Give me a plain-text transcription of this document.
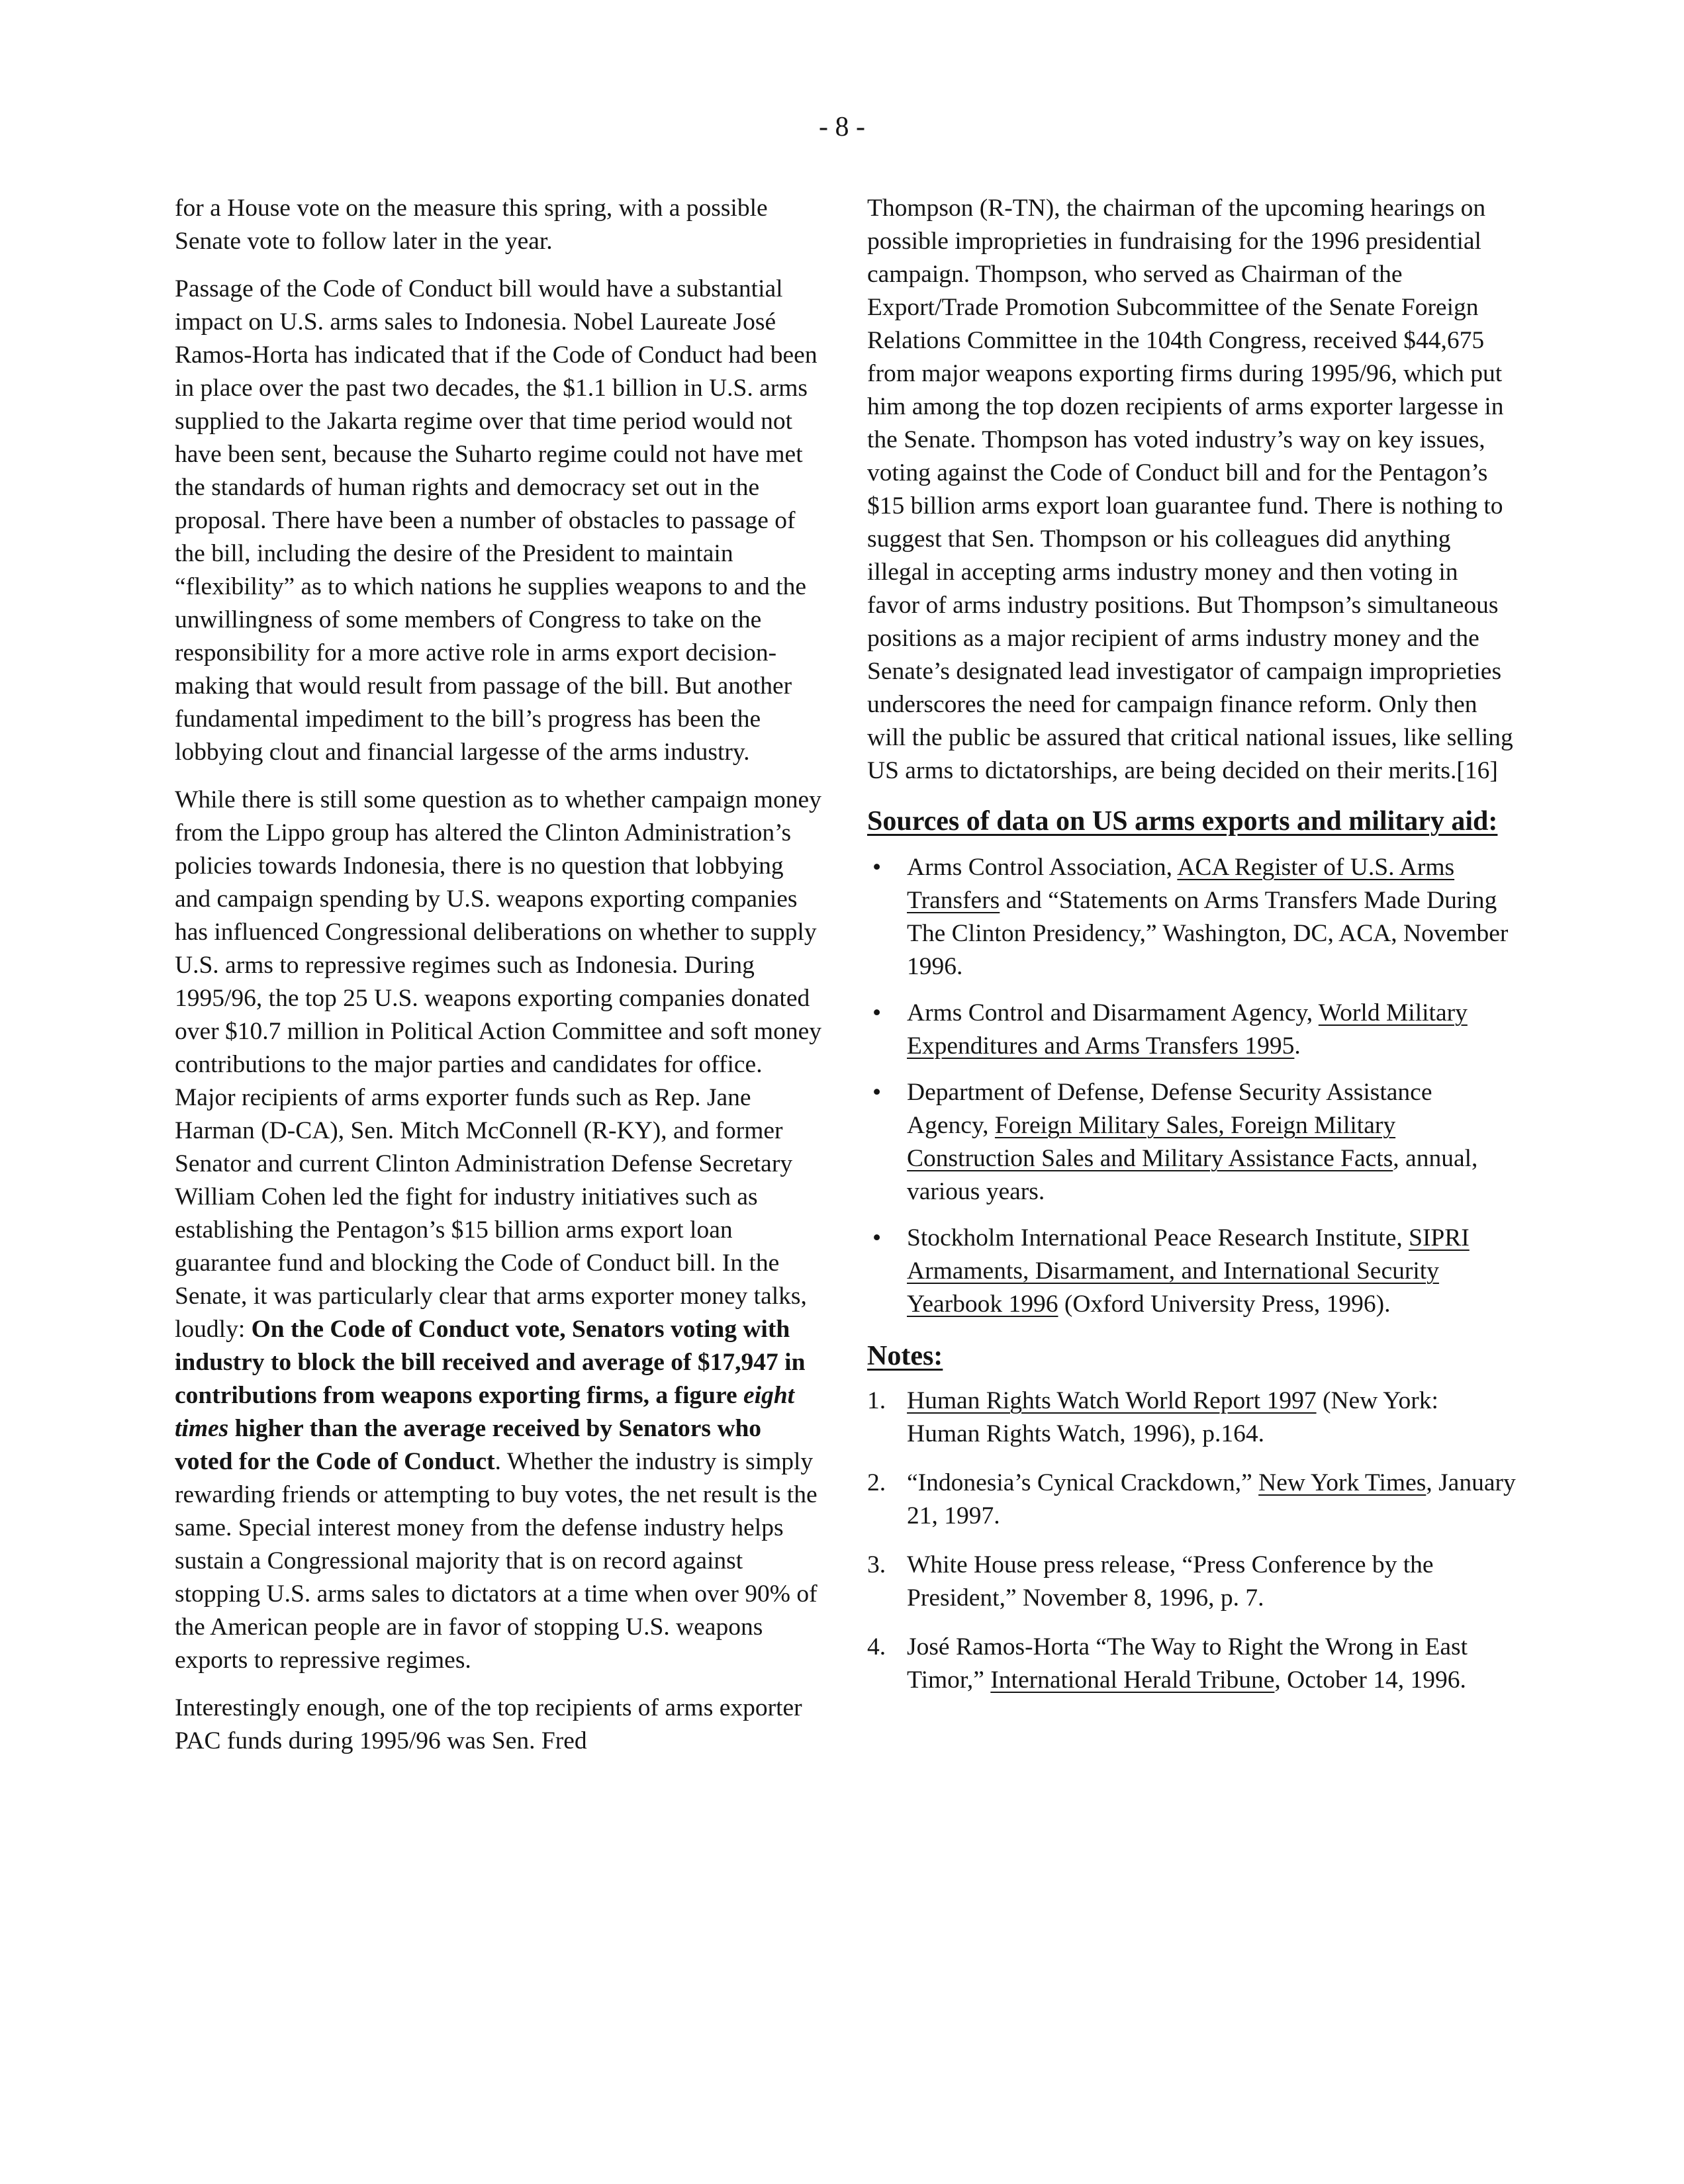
- 8 -

for a House vote on the measure this spring, with a possible Senate vote to follow later in the year.

Passage of the Code of Conduct bill would have a substantial impact on U.S. arms sales to Indonesia. Nobel Laureate José Ramos-Horta has indicated that if the Code of Conduct had been in place over the past two decades, the $1.1 billion in U.S. arms supplied to the Jakarta regime over that time period would not have been sent, because the Suharto regime could not have met the standards of human rights and democracy set out in the proposal. There have been a number of obstacles to passage of the bill, including the desire of the President to maintain “flexibility” as to which nations he supplies weapons to and the unwillingness of some members of Congress to take on the responsibility for a more active role in arms export decision-making that would result from passage of the bill. But another fundamental impediment to the bill’s progress has been the lobbying clout and financial largesse of the arms industry.

While there is still some question as to whether campaign money from the Lippo group has altered the Clinton Administration’s policies towards Indonesia, there is no question that lobbying and campaign spending by U.S. weapons exporting companies has influenced Congressional deliberations on whether to supply U.S. arms to repressive regimes such as Indonesia. During 1995/96, the top 25 U.S. weapons exporting companies donated over $10.7 million in Political Action Committee and soft money contributions to the major parties and candidates for office. Major recipients of arms exporter funds such as Rep. Jane Harman (D-CA), Sen. Mitch McConnell (R-KY), and former Senator and current Clinton Administration Defense Secretary William Cohen led the fight for industry initiatives such as establishing the Pentagon’s $15 billion arms export loan guarantee fund and blocking the Code of Conduct bill. In the Senate, it was particularly clear that arms exporter money talks, loudly: On the Code of Conduct vote, Senators voting with industry to block the bill received and average of $17,947 in contributions from weapons exporting firms, a figure eight times higher than the average received by Senators who voted for the Code of Conduct. Whether the industry is simply rewarding friends or attempting to buy votes, the net result is the same. Special interest money from the defense industry helps sustain a Congressional majority that is on record against stopping U.S. arms sales to dictators at a time when over 90% of the American people are in favor of stopping U.S. weapons exports to repressive regimes.

Interestingly enough, one of the top recipients of arms exporter PAC funds during 1995/96 was Sen. Fred

Thompson (R-TN), the chairman of the upcoming hearings on possible improprieties in fundraising for the 1996 presidential campaign. Thompson, who served as Chairman of the Export/Trade Promotion Subcommittee of the Senate Foreign Relations Committee in the 104th Congress, received $44,675 from major weapons exporting firms during 1995/96, which put him among the top dozen recipients of arms exporter largesse in the Senate. Thompson has voted industry’s way on key issues, voting against the Code of Conduct bill and for the Pentagon’s $15 billion arms export loan guarantee fund. There is nothing to suggest that Sen. Thompson or his colleagues did anything illegal in accepting arms industry money and then voting in favor of arms industry positions. But Thompson’s simultaneous positions as a major recipient of arms industry money and the Senate’s designated lead investigator of campaign improprieties underscores the need for campaign finance reform. Only then will the public be assured that critical national issues, like selling US arms to dictatorships, are being decided on their merits.[16]

Sources of data on US arms exports and military aid:
• Arms Control Association, ACA Register of U.S. Arms Transfers and “Statements on Arms Transfers Made During The Clinton Presidency,” Washington, DC, ACA, November 1996.
• Arms Control and Disarmament Agency, World Military Expenditures and Arms Transfers 1995.
• Department of Defense, Defense Security Assistance Agency, Foreign Military Sales, Foreign Military Construction Sales and Military Assistance Facts, annual, various years.
• Stockholm International Peace Research Institute, SIPRI Armaments, Disarmament, and International Security Yearbook 1996 (Oxford University Press, 1996).
Notes:
1. Human Rights Watch World Report 1997 (New York: Human Rights Watch, 1996), p.164.
2. “Indonesia’s Cynical Crackdown,” New York Times, January 21, 1997.
3. White House press release, “Press Conference by the President,” November 8, 1996, p. 7.
4. José Ramos-Horta “The Way to Right the Wrong in East Timor,” International Herald Tribune, October 14, 1996.
